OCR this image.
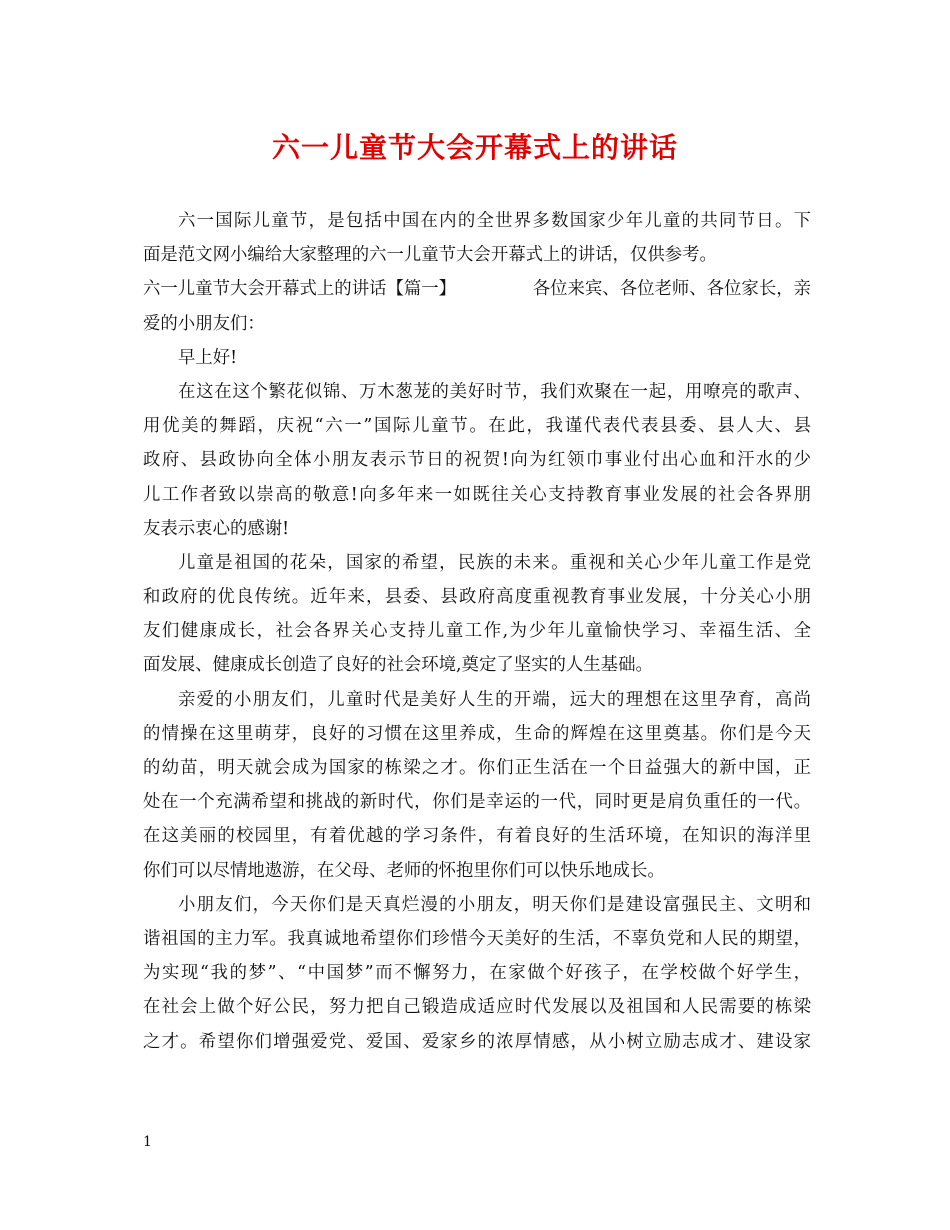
六一儿童节大会开幕式上的讲话
六一国际儿童节，是包括中国在内的全世界多数国家少年儿童的共同节日。下
面是范文网小编给大家整理的六一儿童节大会开幕式上的讲话，仅供参考。
六一儿童节大会开幕式上的讲话【篇一】	各位来宾、各位老师、各位家长，亲
爱的小朋友们：
早上好!
在这在这个繁花似锦、万木葱茏的美好时节，我们欢聚在一起，用嘹亮的歌声、
用优美的舞蹈，庆祝“六一”国际儿童节。在此，我谨代表代表县委、县人大、县
政府、县政协向全体小朋友表示节日的祝贺!向为红领巾事业付出心血和汗水的少
儿工作者致以崇高的敬意!向多年来一如既往关心支持教育事业发展的社会各界朋
友表示衷心的感谢!
儿童是祖国的花朵，国家的希望，民族的未来。重视和关心少年儿童工作是党
和政府的优良传统。近年来，县委、县政府高度重视教育事业发展，十分关心小朋
友们健康成长，社会各界关心支持儿童工作,为少年儿童愉快学习、幸福生活、全
面发展、健康成长创造了良好的社会环境,奠定了坚实的人生基础。
亲爱的小朋友们，儿童时代是美好人生的开端，远大的理想在这里孕育，高尚
的情操在这里萌芽，良好的习惯在这里养成，生命的辉煌在这里奠基。你们是今天
的幼苗，明天就会成为国家的栋梁之才。你们正生活在一个日益强大的新中国，正
处在一个充满希望和挑战的新时代，你们是幸运的一代，同时更是肩负重任的一代。
在这美丽的校园里，有着优越的学习条件，有着良好的生活环境，在知识的海洋里
你们可以尽情地遨游，在父母、老师的怀抱里你们可以快乐地成长。
小朋友们，今天你们是天真烂漫的小朋友，明天你们是建设富强民主、文明和
谐祖国的主力军。我真诚地希望你们珍惜今天美好的生活，不辜负党和人民的期望，
为实现“我的梦”、“中国梦”而不懈努力，在家做个好孩子，在学校做个好学生，
在社会上做个好公民，努力把自己锻造成适应时代发展以及祖国和人民需要的栋梁
之才。希望你们增强爱党、爱国、爱家乡的浓厚情感，从小树立励志成才、建设家
1
